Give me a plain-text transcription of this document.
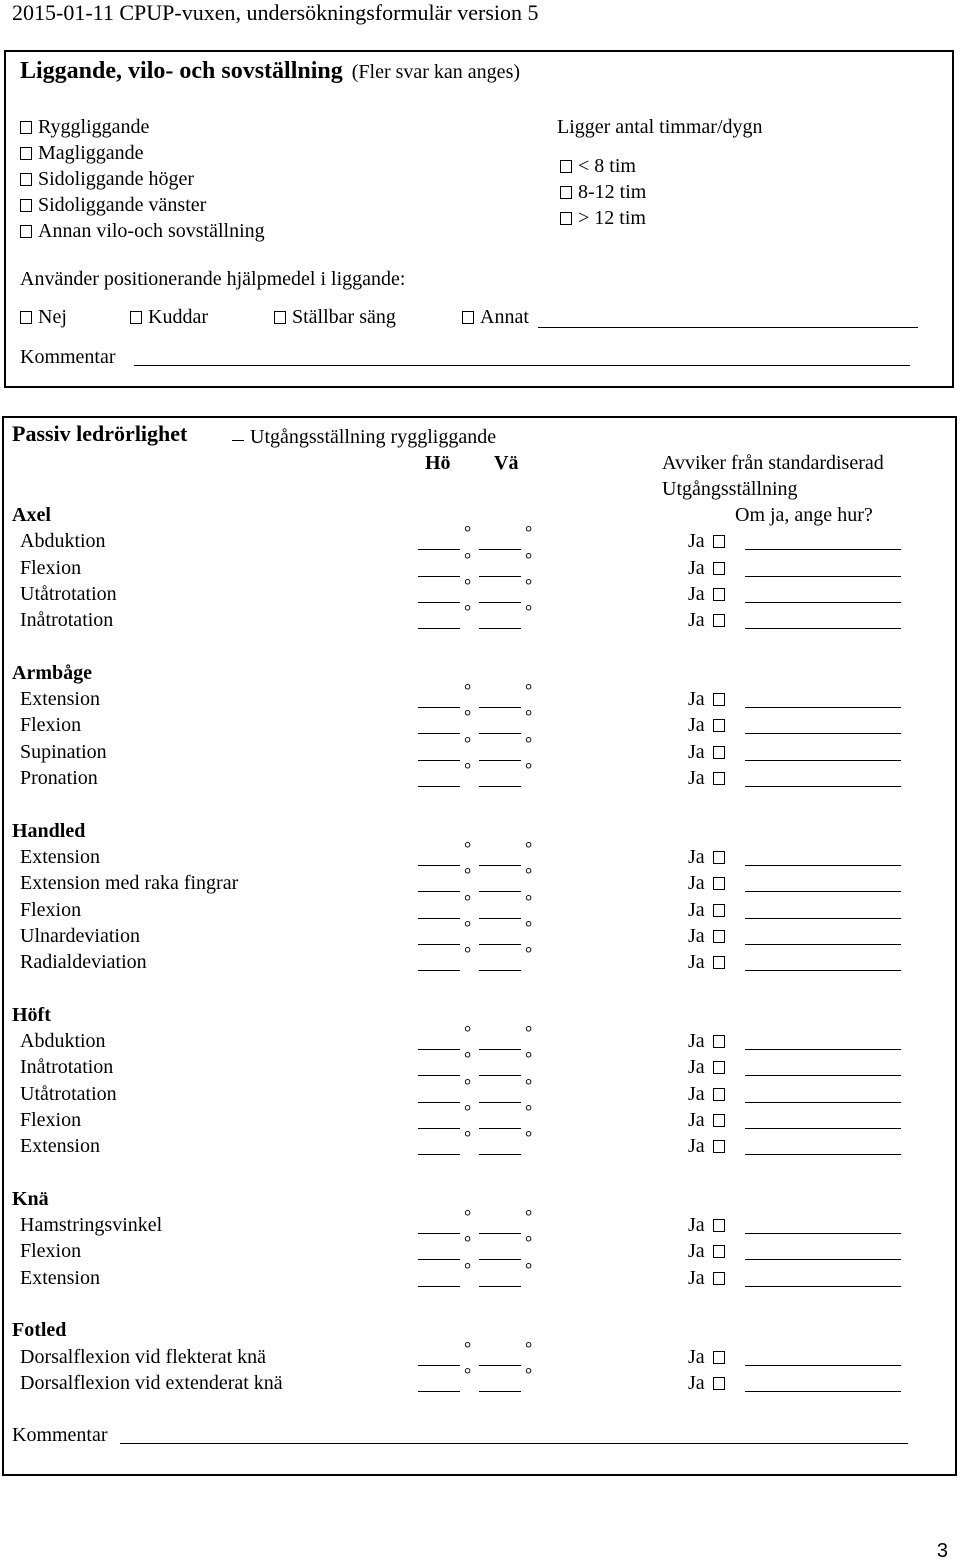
2015-01-11 CPUP-vuxen, undersökningsformulär version 5
Liggande, vilo- och sovställning (Fler svar kan anges)
Ryggliggande
Magliggande
Sidoliggande höger
Sidoliggande vänster
Annan vilo-och sovställning
Ligger antal timmar/dygn
< 8 tim
8-12 tim
> 12 tim
Använder positionerande hjälpmedel i liggande:
Nej	Kuddar	Ställbar säng	Annat
Kommentar
Passiv ledrörlighet	Utgångsställning ryggliggande
Hö Vä	Avviker från standardiserad
Utgångsställning
Om ja, ange hur?
Axel
Abduktion	°	°	Ja
Flexion	°	°	Ja
Utåtrotation	°	°	Ja
Inåtrotation	°	°	Ja
Armbåge
Extension	°	°	Ja
Flexion	°	°	Ja
Supination	°	°	Ja
Pronation	°	°	Ja
Handled
Extension	°	°	Ja
Extension med raka fingrar	°	°	Ja
Flexion	°	°	Ja
Ulnardeviation	°	°	Ja
Radialdeviation	°	°	Ja
Höft
Abduktion	°	°	Ja
Inåtrotation	°	°	Ja
Utåtrotation	°	°	Ja
Flexion	°	°	Ja
Extension	°	°	Ja
Knä
Hamstringsvinkel	°	°	Ja
Flexion	°	°	Ja
Extension	°	°	Ja
Fotled
Dorsalflexion vid flekterat knä	°	°	Ja
Dorsalflexion vid extenderat knä	°	°	Ja
Kommentar
3
